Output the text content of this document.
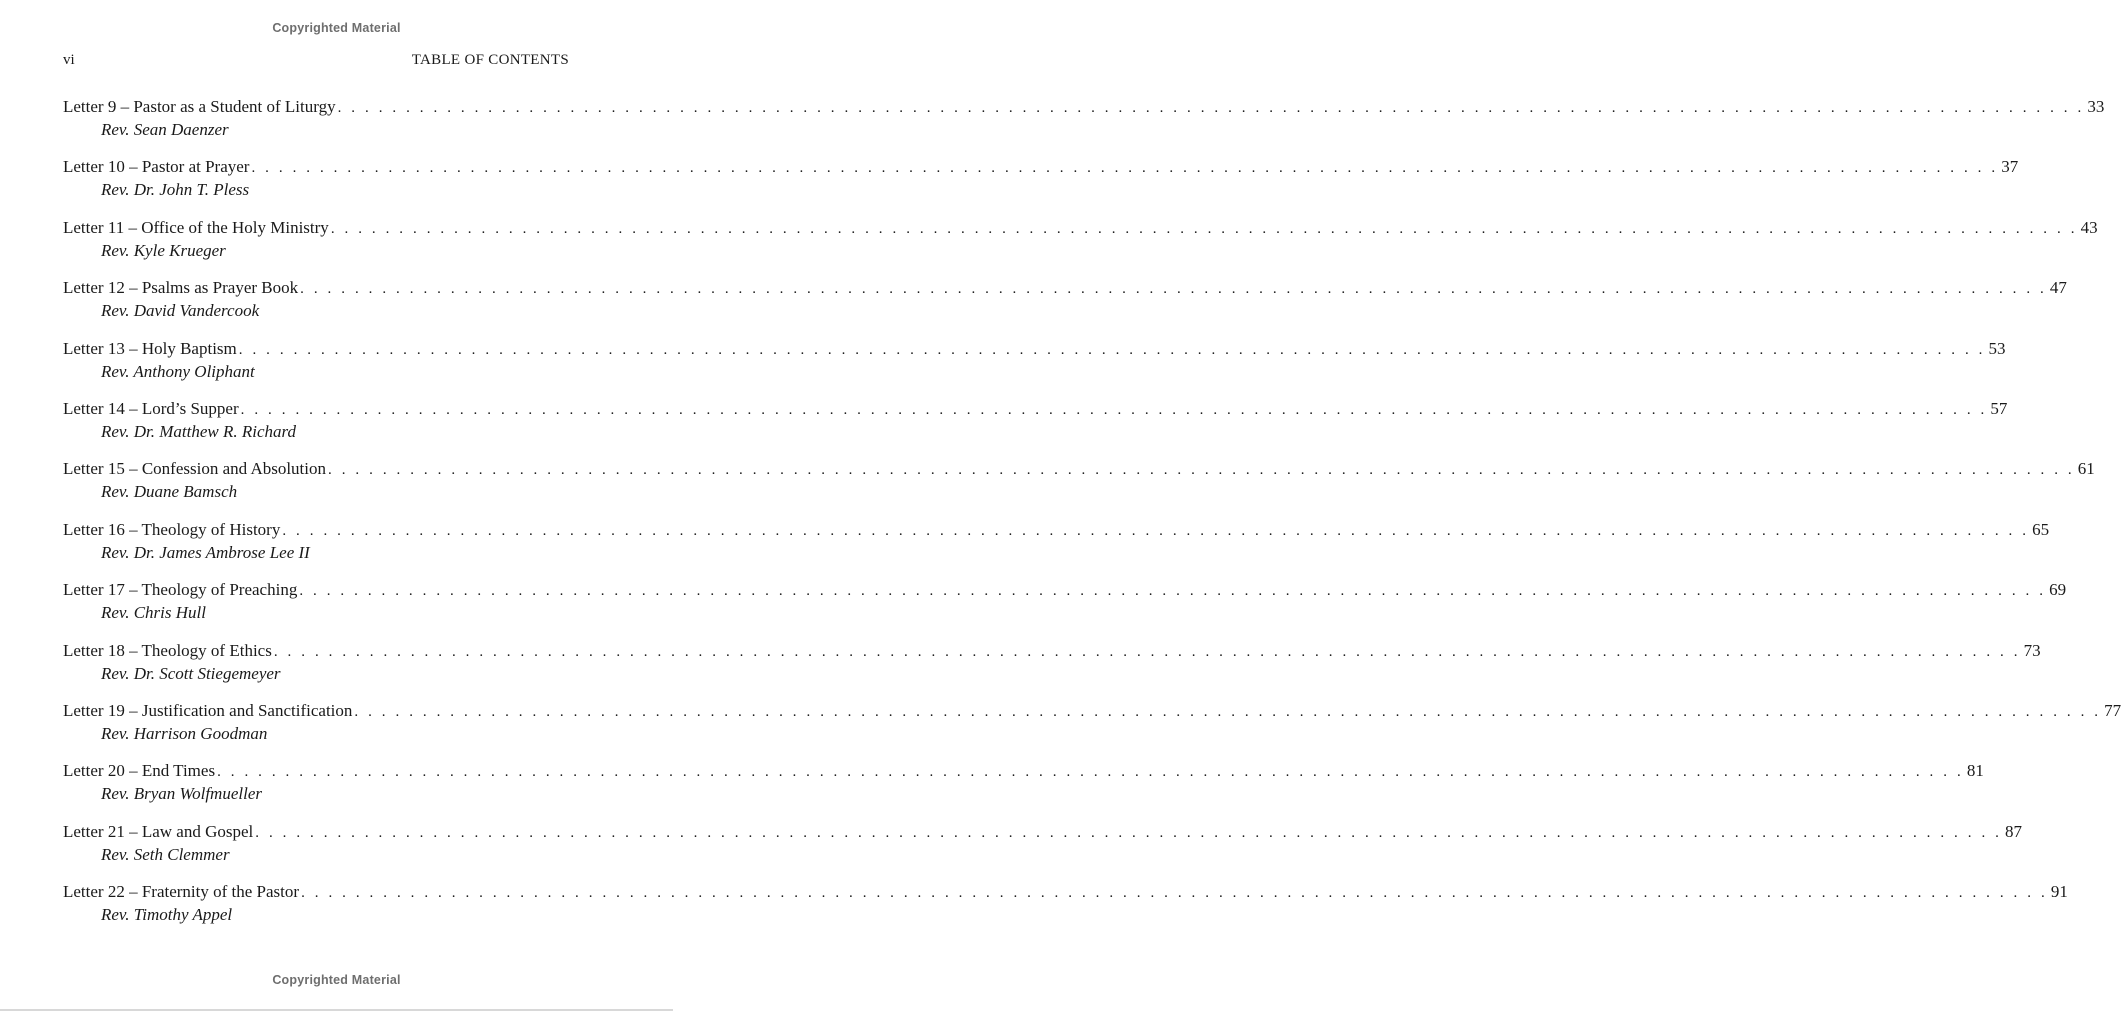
Copyrighted Material
vi	TABLE OF CONTENTS
Letter 9 – Pastor as a Student of Liturgy . . . . . . . . . . . . . . . . . . . . . . . . . . . . . . . . . . . . . . . . . . . . . . . . . . . . . . . . . . . . . . . . . . . . . . . . . . . . . . . . . . . . . . . . . . . . . . . . . . . . . . . . . . . . . . . . . . . . . . . . . . . . . . . . 33
Rev. Sean Daenzer
Letter 10 – Pastor at Prayer . . . . . . . . . . . . . . . . . . . . . . . . . . . . . . . . . . . . . . . . . . . . . . . . . . . . . . . . . . . . . . . . . . . . . . . . . . . . . . . . . . . . . . . . . . . . . . . . . . . . . . . . . . . . . . . . . . . . . . . . . . . . . . . . 37
Rev. Dr. John T. Pless
Letter 11 – Office of the Holy Ministry . . . . . . . . . . . . . . . . . . . . . . . . . . . . . . . . . . . . . . . . . . . . . . . . . . . . . . . . . . . . . . . . . . . . . . . . . . . . . . . . . . . . . . . . . . . . . . . . . . . . . . . . . . . . . . . . . . . . . . . . . . . . . . . . 43
Rev. Kyle Krueger
Letter 12 – Psalms as Prayer Book . . . . . . . . . . . . . . . . . . . . . . . . . . . . . . . . . . . . . . . . . . . . . . . . . . . . . . . . . . . . . . . . . . . . . . . . . . . . . . . . . . . . . . . . . . . . . . . . . . . . . . . . . . . . . . . . . . . . . . . . . . . . . . . . 47
Rev. David Vandercook
Letter 13 – Holy Baptism . . . . . . . . . . . . . . . . . . . . . . . . . . . . . . . . . . . . . . . . . . . . . . . . . . . . . . . . . . . . . . . . . . . . . . . . . . . . . . . . . . . . . . . . . . . . . . . . . . . . . . . . . . . . . . . . . . . . . . . . . . . . . . . . 53
Rev. Anthony Oliphant
Letter 14 – Lord’s Supper . . . . . . . . . . . . . . . . . . . . . . . . . . . . . . . . . . . . . . . . . . . . . . . . . . . . . . . . . . . . . . . . . . . . . . . . . . . . . . . . . . . . . . . . . . . . . . . . . . . . . . . . . . . . . . . . . . . . . . . . . . . . . . . . 57
Rev. Dr. Matthew R. Richard
Letter 15 – Confession and Absolution . . . . . . . . . . . . . . . . . . . . . . . . . . . . . . . . . . . . . . . . . . . . . . . . . . . . . . . . . . . . . . . . . . . . . . . . . . . . . . . . . . . . . . . . . . . . . . . . . . . . . . . . . . . . . . . . . . . . . . . . . . . . . . . . 61
Rev. Duane Bamsch
Letter 16 – Theology of History . . . . . . . . . . . . . . . . . . . . . . . . . . . . . . . . . . . . . . . . . . . . . . . . . . . . . . . . . . . . . . . . . . . . . . . . . . . . . . . . . . . . . . . . . . . . . . . . . . . . . . . . . . . . . . . . . . . . . . . . . . . . . . . . 65
Rev. Dr. James Ambrose Lee II
Letter 17 – Theology of Preaching . . . . . . . . . . . . . . . . . . . . . . . . . . . . . . . . . . . . . . . . . . . . . . . . . . . . . . . . . . . . . . . . . . . . . . . . . . . . . . . . . . . . . . . . . . . . . . . . . . . . . . . . . . . . . . . . . . . . . . . . . . . . . . . . 69
Rev. Chris Hull
Letter 18 – Theology of Ethics . . . . . . . . . . . . . . . . . . . . . . . . . . . . . . . . . . . . . . . . . . . . . . . . . . . . . . . . . . . . . . . . . . . . . . . . . . . . . . . . . . . . . . . . . . . . . . . . . . . . . . . . . . . . . . . . . . . . . . . . . . . . . . . . 73
Rev. Dr. Scott Stiegemeyer
Letter 19 – Justification and Sanctification . . . . . . . . . . . . . . . . . . . . . . . . . . . . . . . . . . . . . . . . . . . . . . . . . . . . . . . . . . . . . . . . . . . . . . . . . . . . . . . . . . . . . . . . . . . . . . . . . . . . . . . . . . . . . . . . . . . . . . . . . . . . . . . . 77
Rev. Harrison Goodman
Letter 20 – End Times . . . . . . . . . . . . . . . . . . . . . . . . . . . . . . . . . . . . . . . . . . . . . . . . . . . . . . . . . . . . . . . . . . . . . . . . . . . . . . . . . . . . . . . . . . . . . . . . . . . . . . . . . . . . . . . . . . . . . . . . . . . . . . . . 81
Rev. Bryan Wolfmueller
Letter 21 – Law and Gospel . . . . . . . . . . . . . . . . . . . . . . . . . . . . . . . . . . . . . . . . . . . . . . . . . . . . . . . . . . . . . . . . . . . . . . . . . . . . . . . . . . . . . . . . . . . . . . . . . . . . . . . . . . . . . . . . . . . . . . . . . . . . . . . . 87
Rev. Seth Clemmer
Letter 22 – Fraternity of the Pastor . . . . . . . . . . . . . . . . . . . . . . . . . . . . . . . . . . . . . . . . . . . . . . . . . . . . . . . . . . . . . . . . . . . . . . . . . . . . . . . . . . . . . . . . . . . . . . . . . . . . . . . . . . . . . . . . . . . . . . . . . . . . . . . . 91
Rev. Timothy Appel
Copyrighted Material
